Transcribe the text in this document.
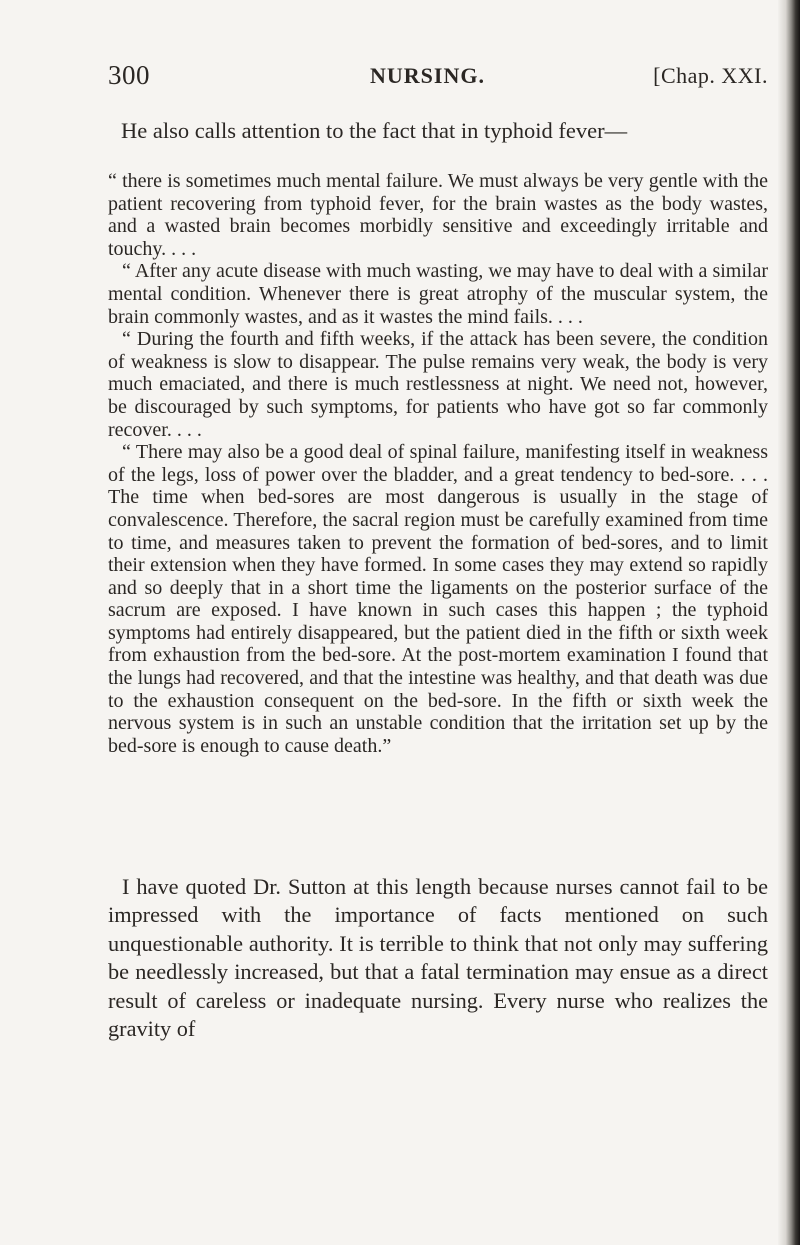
300	NURSING.	[Chap. XXI.
He also calls attention to the fact that in typhoid fever—

“ there is sometimes much mental failure. We must always be very gentle with the patient recovering from typhoid fever, for the brain wastes as the body wastes, and a wasted brain becomes morbidly sensitive and exceedingly irritable and touchy. . . .

“ After any acute disease with much wasting, we may have to deal with a similar mental condition. Whenever there is great atrophy of the muscular system, the brain commonly wastes, and as it wastes the mind fails. . . .

“ During the fourth and fifth weeks, if the attack has been severe, the condition of weakness is slow to disappear. The pulse remains very weak, the body is very much emaciated, and there is much restlessness at night. We need not, however, be discouraged by such symptoms, for patients who have got so far commonly recover. . . .

“ There may also be a good deal of spinal failure, manifesting itself in weakness of the legs, loss of power over the bladder, and a great tendency to bed-sore. . . . The time when bed-sores are most dangerous is usually in the stage of convalescence. Therefore, the sacral region must be carefully examined from time to time, and measures taken to prevent the formation of bed-sores, and to limit their extension when they have formed. In some cases they may extend so rapidly and so deeply that in a short time the ligaments on the posterior surface of the sacrum are exposed. I have known in such cases this happen ; the typhoid symptoms had entirely disappeared, but the patient died in the fifth or sixth week from exhaustion from the bed-sore. At the post-mortem examination I found that the lungs had recovered, and that the intestine was healthy, and that death was due to the exhaustion consequent on the bed-sore. In the fifth or sixth week the nervous system is in such an unstable condition that the irritation set up by the bed-sore is enough to cause death.”

I have quoted Dr. Sutton at this length because nurses cannot fail to be impressed with the importance of facts mentioned on such unquestionable authority. It is terrible to think that not only may suffering be needlessly increased, but that a fatal termination may ensue as a direct result of careless or inadequate nursing. Every nurse who realizes the gravity of
